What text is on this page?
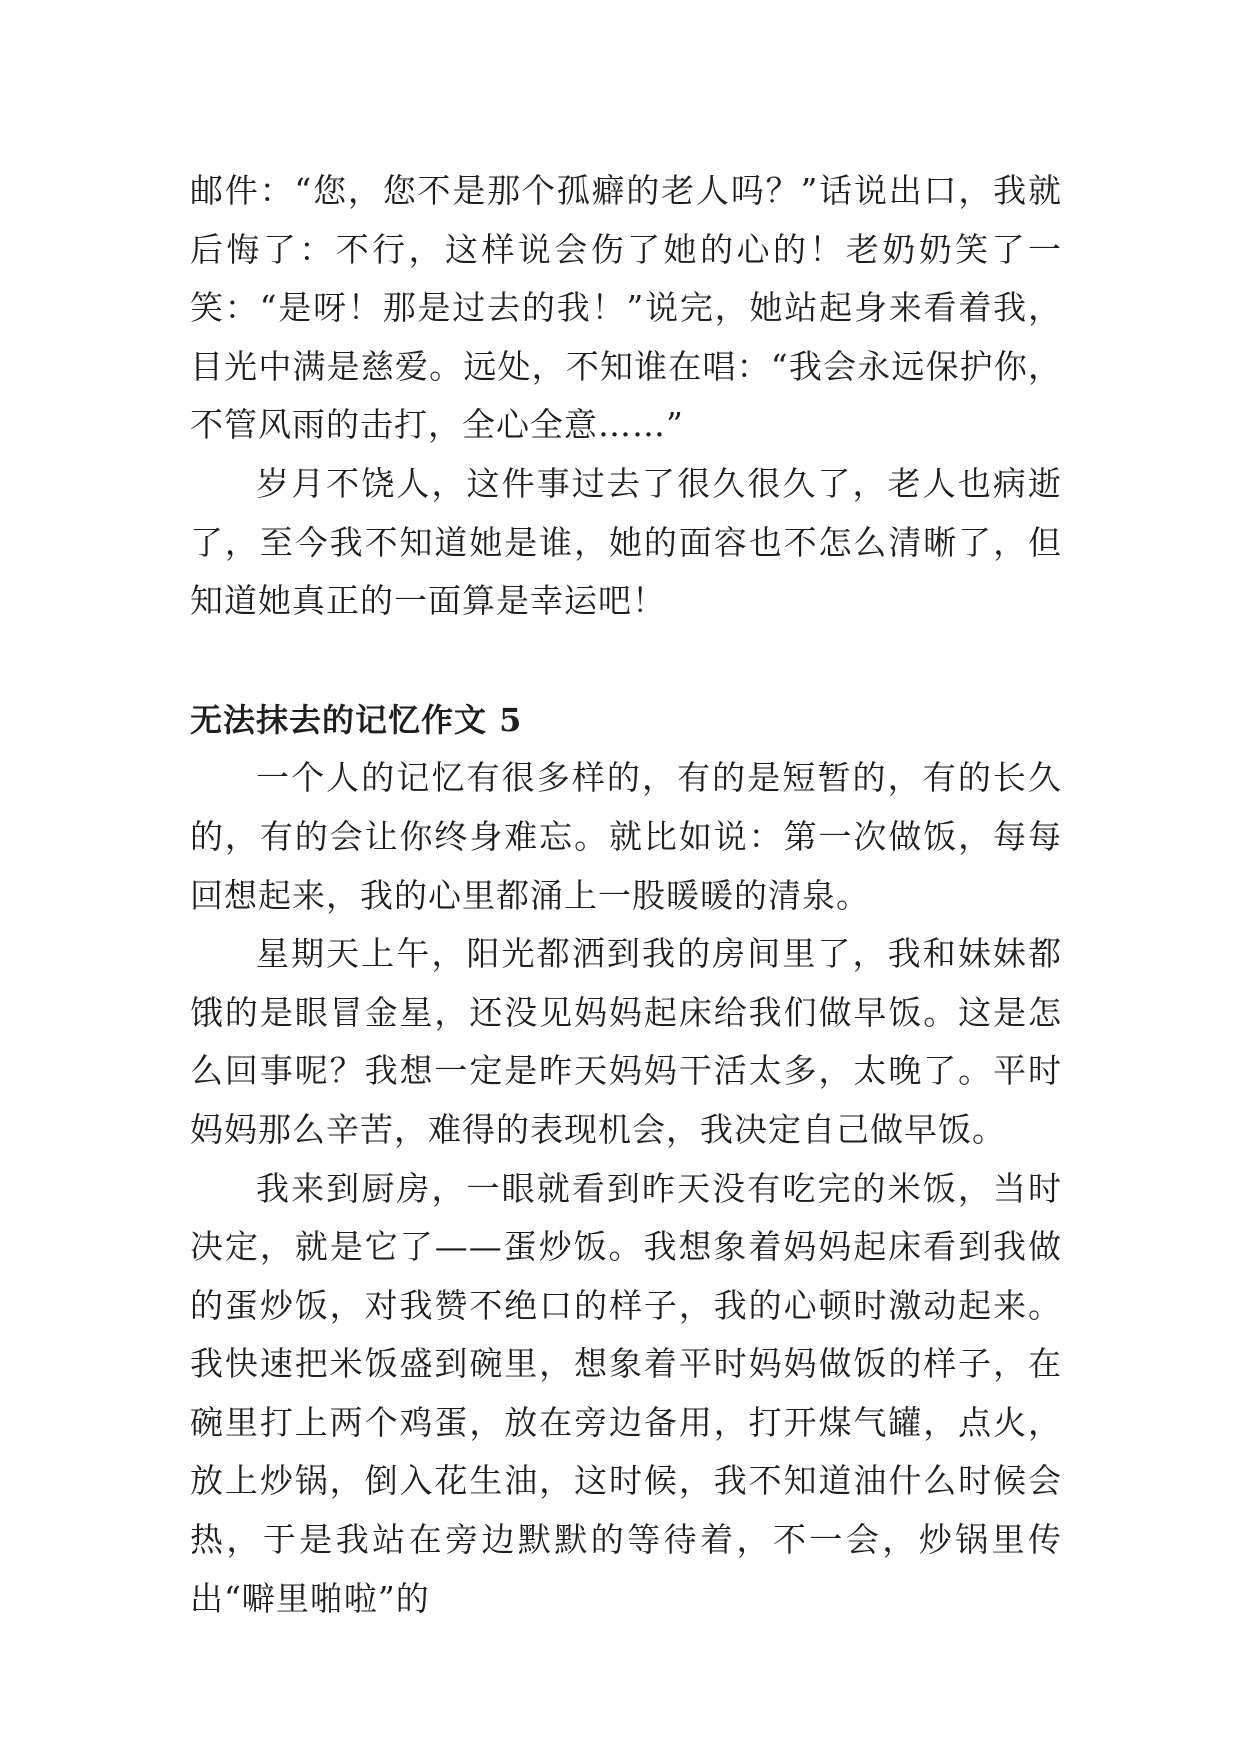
邮件：“您，您不是那个孤癖的老人吗？”话说出口，我就后悔了：不行，这样说会伤了她的心的！老奶奶笑了一笑：“是呀！那是过去的我！”说完，她站起身来看着我，目光中满是慈爱。远处，不知谁在唱：“我会永远保护你，不管风雨的击打，全心全意……”

岁月不饶人，这件事过去了很久很久了，老人也病逝了，至今我不知道她是谁，她的面容也不怎么清晰了，但知道她真正的一面算是幸运吧！

无法抹去的记忆作文 5

一个人的记忆有很多样的，有的是短暂的，有的长久的，有的会让你终身难忘。就比如说：第一次做饭，每每回想起来，我的心里都涌上一股暖暖的清泉。

星期天上午，阳光都洒到我的房间里了，我和妹妹都饿的是眼冒金星，还没见妈妈起床给我们做早饭。这是怎么回事呢？我想一定是昨天妈妈干活太多，太晚了。平时妈妈那么辛苦，难得的表现机会，我决定自己做早饭。

我来到厨房，一眼就看到昨天没有吃完的米饭，当时决定，就是它了——蛋炒饭。我想象着妈妈起床看到我做的蛋炒饭，对我赞不绝口的样子，我的心顿时激动起来。我快速把米饭盛到碗里，想象着平时妈妈做饭的样子，在碗里打上两个鸡蛋，放在旁边备用，打开煤气罐，点火，放上炒锅，倒入花生油，这时候，我不知道油什么时候会热，于是我站在旁边默默的等待着，不一会，炒锅里传出“噼里啪啦”的
